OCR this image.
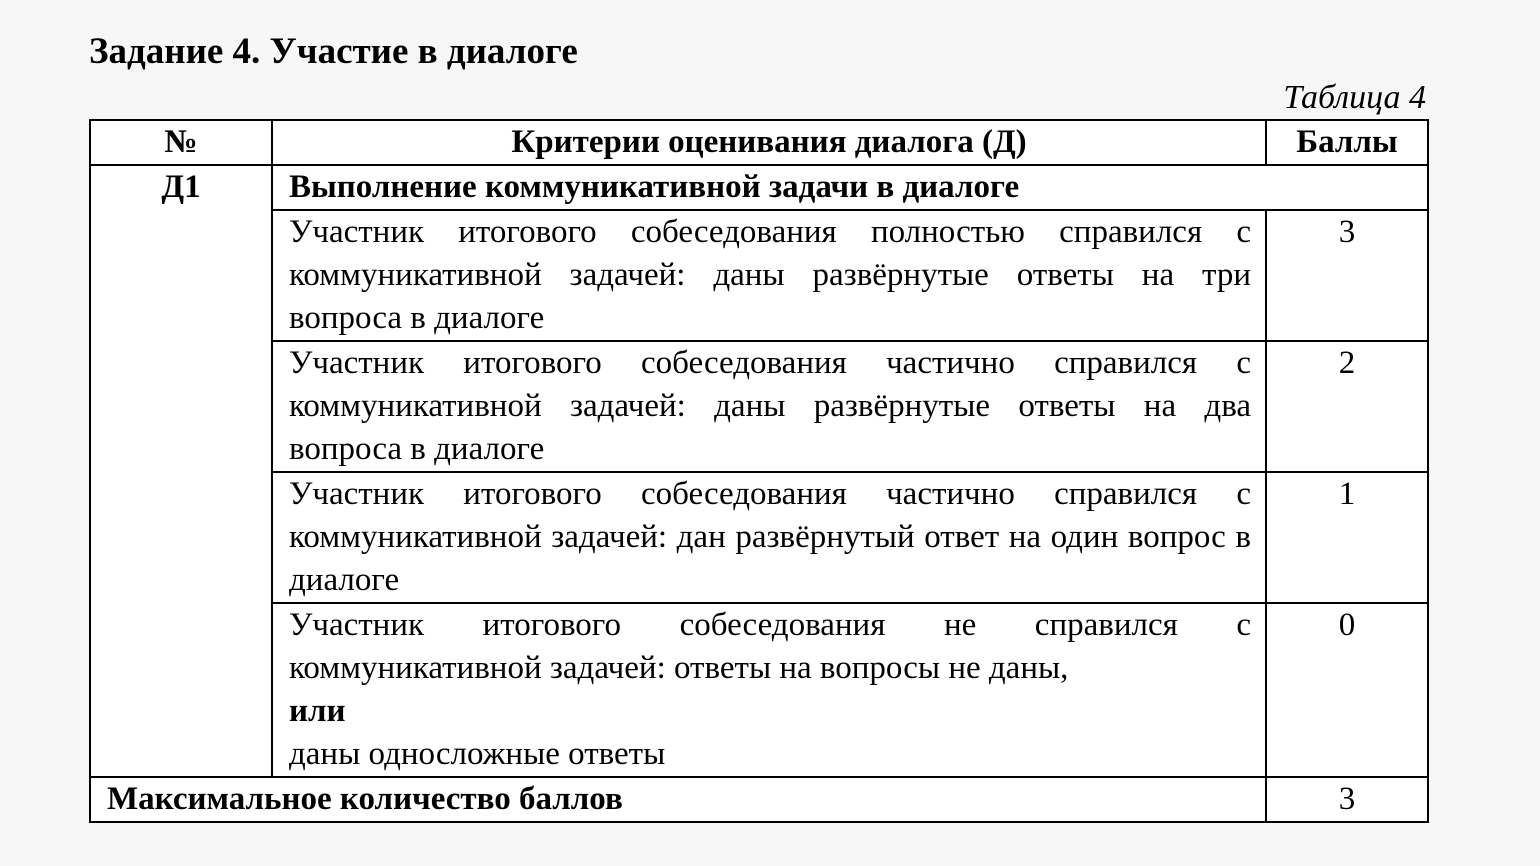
Задание 4. Участие в диалоге
Таблица 4
№	Критерии оценивания диалога (Д)	Баллы
Д1	Выполнение коммуникативной задачи в диалоге	
	Участник итогового собеседования полностью справился с коммуникативной задачей: даны развёрнутые ответы на три вопроса в диалоге	3
	Участник итогового собеседования частично справился с коммуникативной задачей: даны развёрнутые ответы на два вопроса в диалоге	2
	Участник итогового собеседования частично справился с коммуникативной задачей: дан развёрнутый ответ на один вопрос в диалоге	1

	Участник итогового собеседования не справился с коммуникативной задачей: ответы на вопросы не даны,
или
даны односложные ответы	0
Максимальное количество баллов		3
